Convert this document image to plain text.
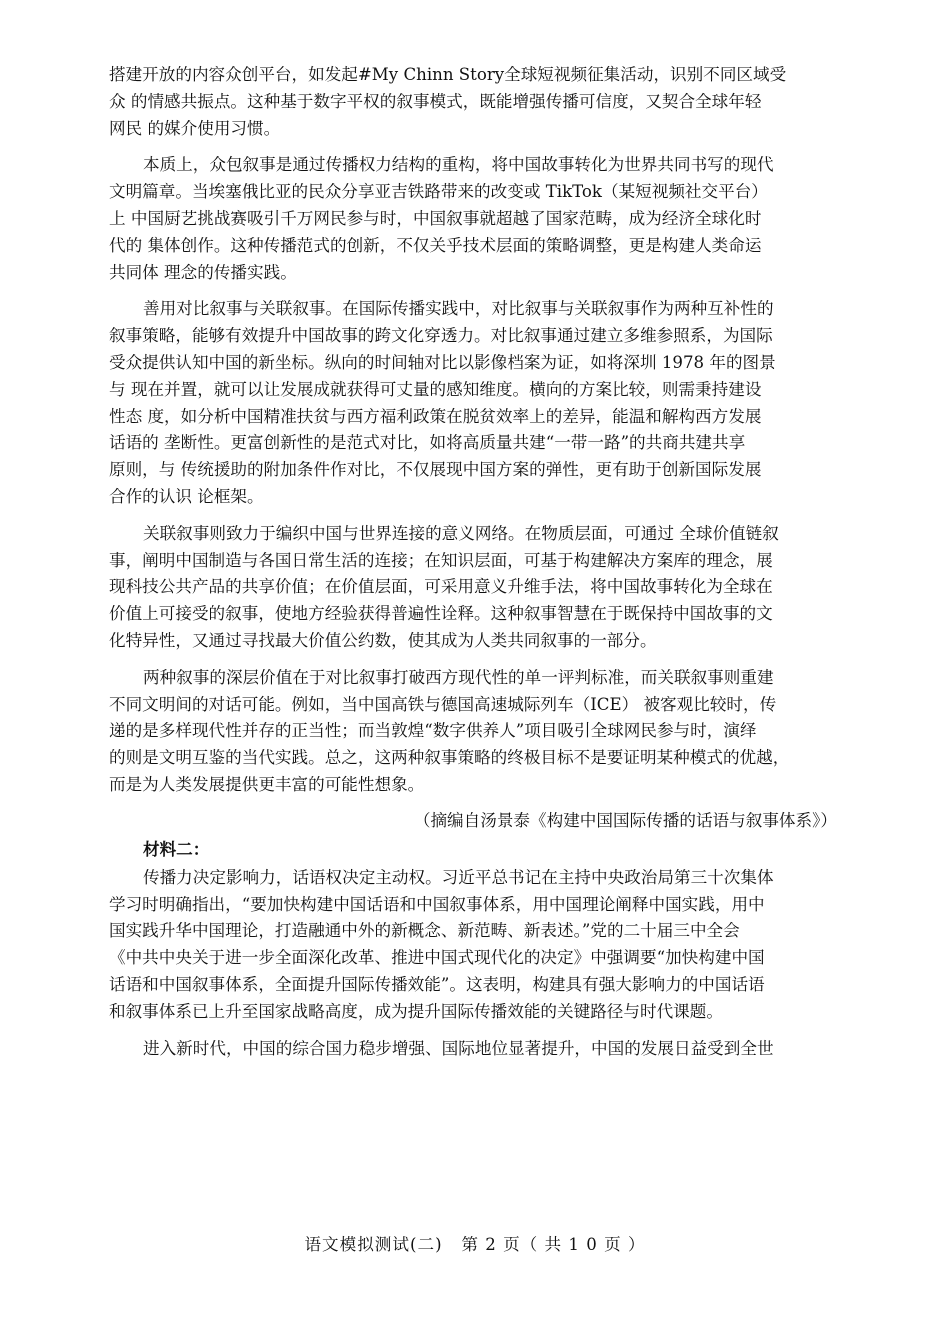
搭建开放的内容众创平台，如发起#My Chinn Story全球短视频征集活动，识别不同区域受
众 的情感共振点。这种基于数字平权的叙事模式，既能增强传播可信度，又契合全球年轻
网民 的媒介使用习惯。
本质上，众包叙事是通过传播权力结构的重构，将中国故事转化为世界共同书写的现代
文明篇章。当埃塞俄比亚的民众分享亚吉铁路带来的改变或 TikTok（某短视频社交平台）
上 中国厨艺挑战赛吸引千万网民参与时，中国叙事就超越了国家范畴，成为经济全球化时
代的 集体创作。这种传播范式的创新，不仅关乎技术层面的策略调整，更是构建人类命运
共同体 理念的传播实践。
善用对比叙事与关联叙事。在国际传播实践中，对比叙事与关联叙事作为两种互补性的
叙事策略，能够有效提升中国故事的跨文化穿透力。对比叙事通过建立多维参照系，为国际
受众提供认知中国的新坐标。纵向的时间轴对比以影像档案为证，如将深圳 1978 年的图景
与 现在并置，就可以让发展成就获得可丈量的感知维度。横向的方案比较，则需秉持建设
性态 度，如分析中国精准扶贫与西方福利政策在脱贫效率上的差异，能温和解构西方发展
话语的 垄断性。更富创新性的是范式对比，如将高质量共建“一带一路”的共商共建共享
原则，与 传统援助的附加条件作对比，不仅展现中国方案的弹性，更有助于创新国际发展
合作的认识 论框架。
关联叙事则致力于编织中国与世界连接的意义网络。在物质层面，可通过 全球价值链叙
事，阐明中国制造与各国日常生活的连接；在知识层面，可基于构建解决方案库的理念，展
现科技公共产品的共享价值；在价值层面，可采用意义升维手法，将中国故事转化为全球在
价值上可接受的叙事，使地方经验获得普遍性诠释。这种叙事智慧在于既保持中国故事的文
化特异性，又通过寻找最大价值公约数，使其成为人类共同叙事的一部分。
两种叙事的深层价值在于对比叙事打破西方现代性的单一评判标准，而关联叙事则重建
不同文明间的对话可能。例如，当中国高铁与德国高速城际列车（ICE） 被客观比较时，传
递的是多样现代性并存的正当性；而当敦煌“数字供养人”项目吸引全球网民参与时，演绎
的则是文明互鉴的当代实践。总之，这两种叙事策略的终极目标不是要证明某种模式的优越，
而是为人类发展提供更丰富的可能性想象。
（摘编自汤景泰《构建中国国际传播的话语与叙事体系》）
材料二：
传播力决定影响力，话语权决定主动权。习近平总书记在主持中央政治局第三十次集体
学习时明确指出，“要加快构建中国话语和中国叙事体系，用中国理论阐释中国实践，用中
国实践升华中国理论，打造融通中外的新概念、新范畴、新表述。”党的二十届三中全会
《中共中央关于进一步全面深化改革、推进中国式现代化的决定》中强调要“加快构建中国
话语和中国叙事体系，全面提升国际传播效能”。这表明，构建具有强大影响力的中国话语
和叙事体系已上升至国家战略高度，成为提升国际传播效能的关键路径与时代课题。
进入新时代，中国的综合国力稳步增强、国际地位显著提升，中国的发展日益受到全世
语文模拟测试(二) 第 2 页（ 共 1 0 页 ）
